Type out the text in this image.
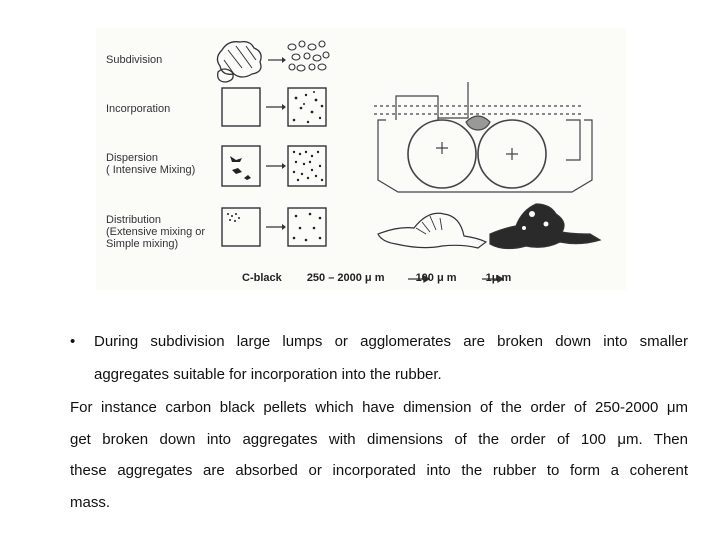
Subdivision
Incorporation
Dispersion
( Intensive Mixing)
Distribution
(Extensive mixing or
Simple mixing)
C-black 250 – 2000 μ m	100 μ m	1μ m
• During subdivision large lumps or agglomerates are broken down into smaller
aggregates suitable for incorporation into the rubber.
For instance carbon black pellets which have dimension of the order of 250-2000 μm
get broken down into aggregates with dimensions of the order of 100 μm. Then
these aggregates are absorbed or incorporated into the rubber to form a coherent
mass.
